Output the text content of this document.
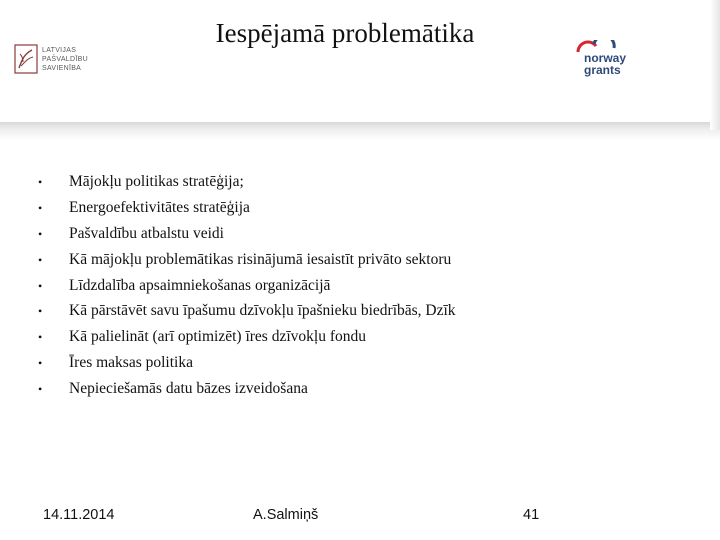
Iespējamā problemātika
LATVIJAS
PAŠVALDĪBU
SAVIENĪBA
norway
grants
•	Mājokļu politikas stratēģija;
•	Energoefektivitātes stratēģija
•	Pašvaldību atbalstu veidi
•	Kā mājokļu problemātikas risinājumā iesaistīt privāto sektoru
•	Līdzdalība apsaimniekošanas organizācijā
•	Kā pārstāvēt savu īpašumu dzīvokļu īpašnieku biedrībās, Dzīk
•	Kā palielināt (arī optimizēt) īres dzīvokļu fondu
•	Īres maksas politika
•	Nepieciešamās datu bāzes izveidošana
14.11.2014	A.Salmiņš	41
